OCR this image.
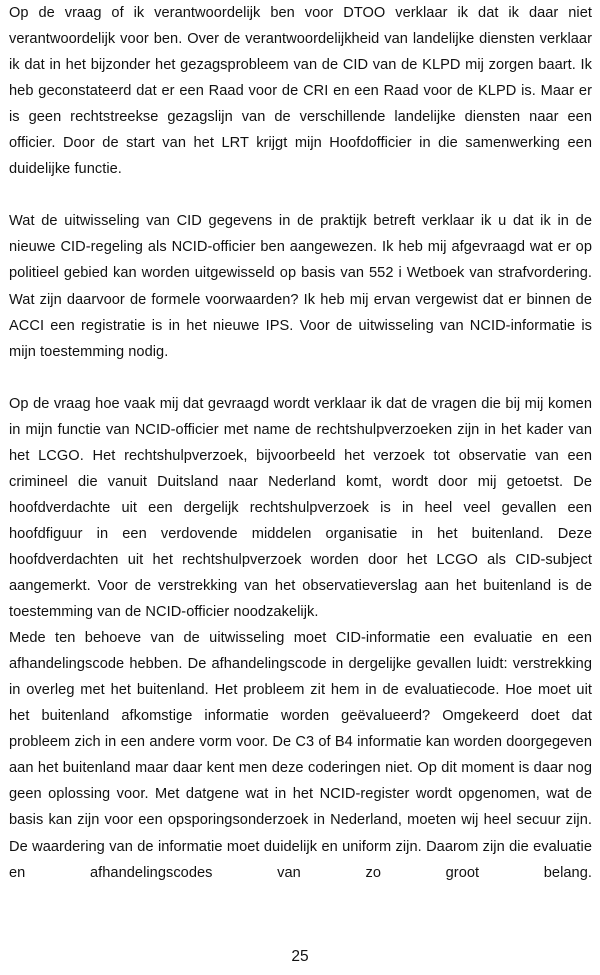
Op de vraag of ik verantwoordelijk ben voor DTOO verklaar ik dat ik daar niet verantwoordelijk voor ben. Over de verantwoordelijkheid van landelijke diensten verklaar ik dat in het bijzonder het gezagsprobleem van de CID van de KLPD mij zorgen baart. Ik heb geconstateerd dat er een Raad voor de CRI en een Raad voor de KLPD is. Maar er is geen rechtstreekse gezagslijn van de verschillende landelijke diensten naar een officier. Door de start van het LRT krijgt mijn Hoofdofficier in die samenwerking een duidelijke functie.

Wat de uitwisseling van CID gegevens in de praktijk betreft verklaar ik u dat ik in de nieuwe CID-regeling als NCID-officier ben aangewezen. Ik heb mij afgevraagd wat er op politieel gebied kan worden uitgewisseld op basis van 552 i Wetboek van strafvordering. Wat zijn daarvoor de formele voorwaarden? Ik heb mij ervan vergewist dat er binnen de ACCI een registratie is in het nieuwe IPS. Voor de uitwisseling van NCID-informatie is mijn toestemming nodig.

Op de vraag hoe vaak mij dat gevraagd wordt verklaar ik dat de vragen die bij mij komen in mijn functie van NCID-officier met name de rechtshulpverzoeken zijn in het kader van het LCGO. Het rechtshulpverzoek, bijvoorbeeld het verzoek tot observatie van een crimineel die vanuit Duitsland naar Nederland komt, wordt door mij getoetst. De hoofdverdachte uit een dergelijk rechtshulpverzoek is in heel veel gevallen een hoofdfiguur in een verdovende middelen organisatie in het buitenland. Deze hoofdverdachten uit het rechtshulpverzoek worden door het LCGO als CID-subject aangemerkt. Voor de verstrekking van het observatieverslag aan het buitenland is de toestemming van de NCID-officier noodzakelijk.

Mede ten behoeve van de uitwisseling moet CID-informatie een evaluatie en een afhandelingscode hebben. De afhandelingscode in dergelijke gevallen luidt: verstrekking in overleg met het buitenland. Het probleem zit hem in de evaluatiecode. Hoe moet uit het buitenland afkomstige informatie worden geëvalueerd? Omgekeerd doet dat probleem zich in een andere vorm voor. De C3 of B4 informatie kan worden doorgegeven aan het buitenland maar daar kent men deze coderingen niet. Op dit moment is daar nog geen oplossing voor. Met datgene wat in het NCID-register wordt opgenomen, wat de basis kan zijn voor een opsporingsonderzoek in Nederland, moeten wij heel secuur zijn. De waardering van de informatie moet duidelijk en uniform zijn. Daarom zijn die evaluatie en afhandelingscodes van zo groot belang.

25
